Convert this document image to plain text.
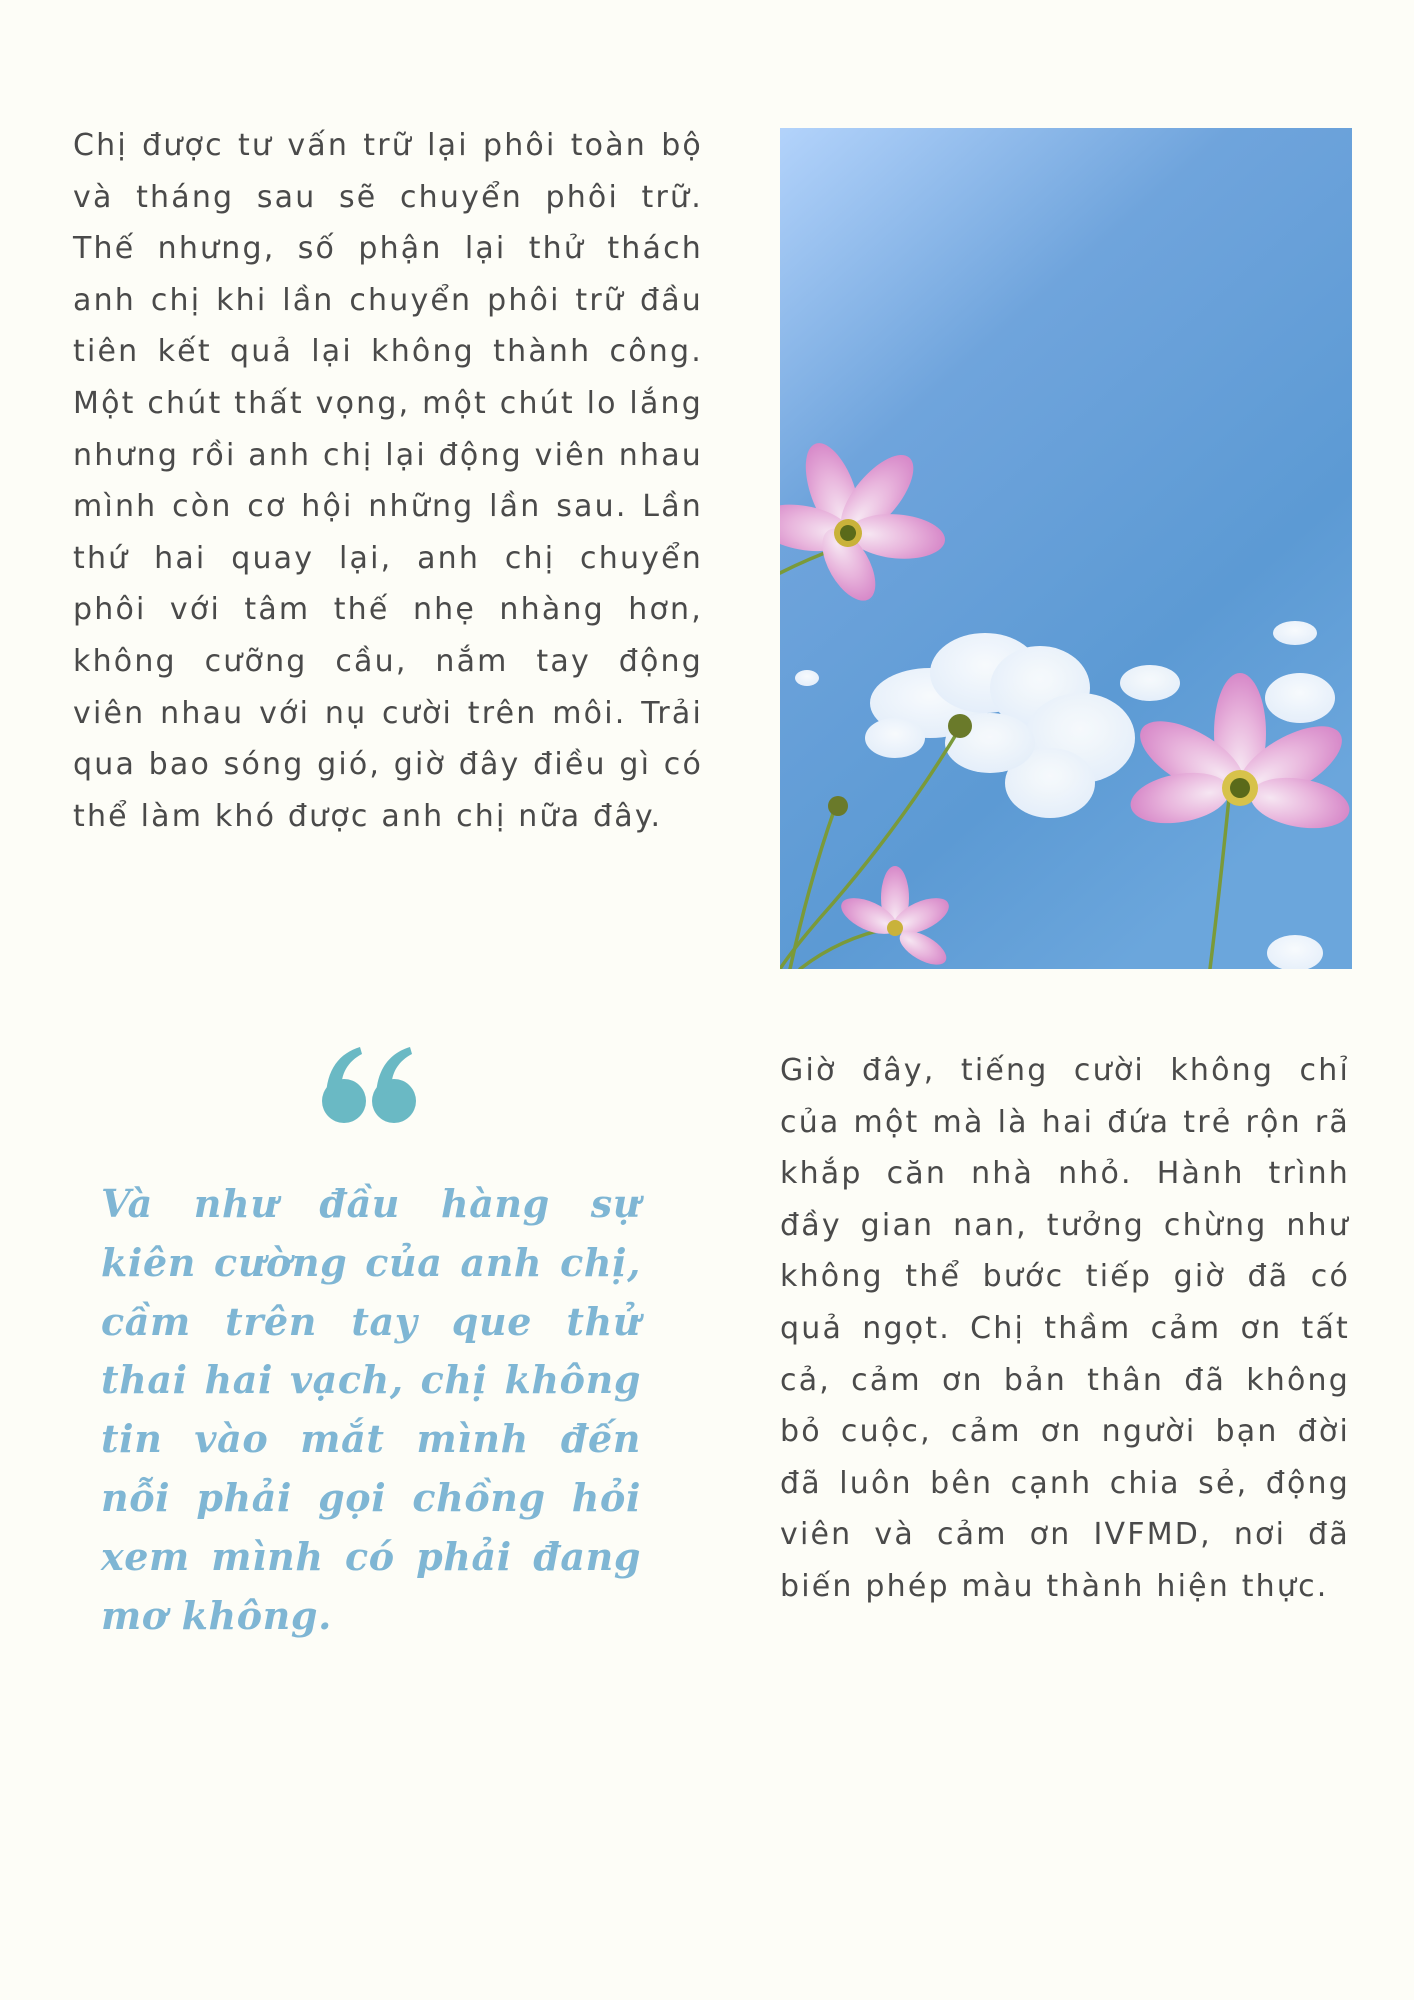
Chị được tư vấn trữ lại phôi toàn bộ và tháng sau sẽ chuyển phôi trữ. Thế nhưng, số phận lại thử thách anh chị khi lần chuyển phôi trữ đầu tiên kết quả lại không thành công. Một chút thất vọng, một chút lo lắng nhưng rồi anh chị lại động viên nhau mình còn cơ hội những lần sau. Lần thứ hai quay lại, anh chị chuyển phôi với tâm thế nhẹ nhàng hơn, không cưỡng cầu, nắm tay động viên nhau với nụ cười trên môi. Trải qua bao sóng gió, giờ đây điều gì có thể làm khó được anh chị nữa đây.

Và như đầu hàng sự kiên cường của anh chị, cầm trên tay que thử thai hai vạch, chị không tin vào mắt mình đến nỗi phải gọi chồng hỏi xem mình có phải đang mơ không.

Giờ đây, tiếng cười không chỉ của một mà là hai đứa trẻ rộn rã khắp căn nhà nhỏ. Hành trình đầy gian nan, tưởng chừng như không thể bước tiếp giờ đã có quả ngọt. Chị thầm cảm ơn tất cả, cảm ơn bản thân đã không bỏ cuộc, cảm ơn người bạn đời đã luôn bên cạnh chia sẻ, động viên và cảm ơn IVFMD, nơi đã biến phép màu thành hiện thực.
